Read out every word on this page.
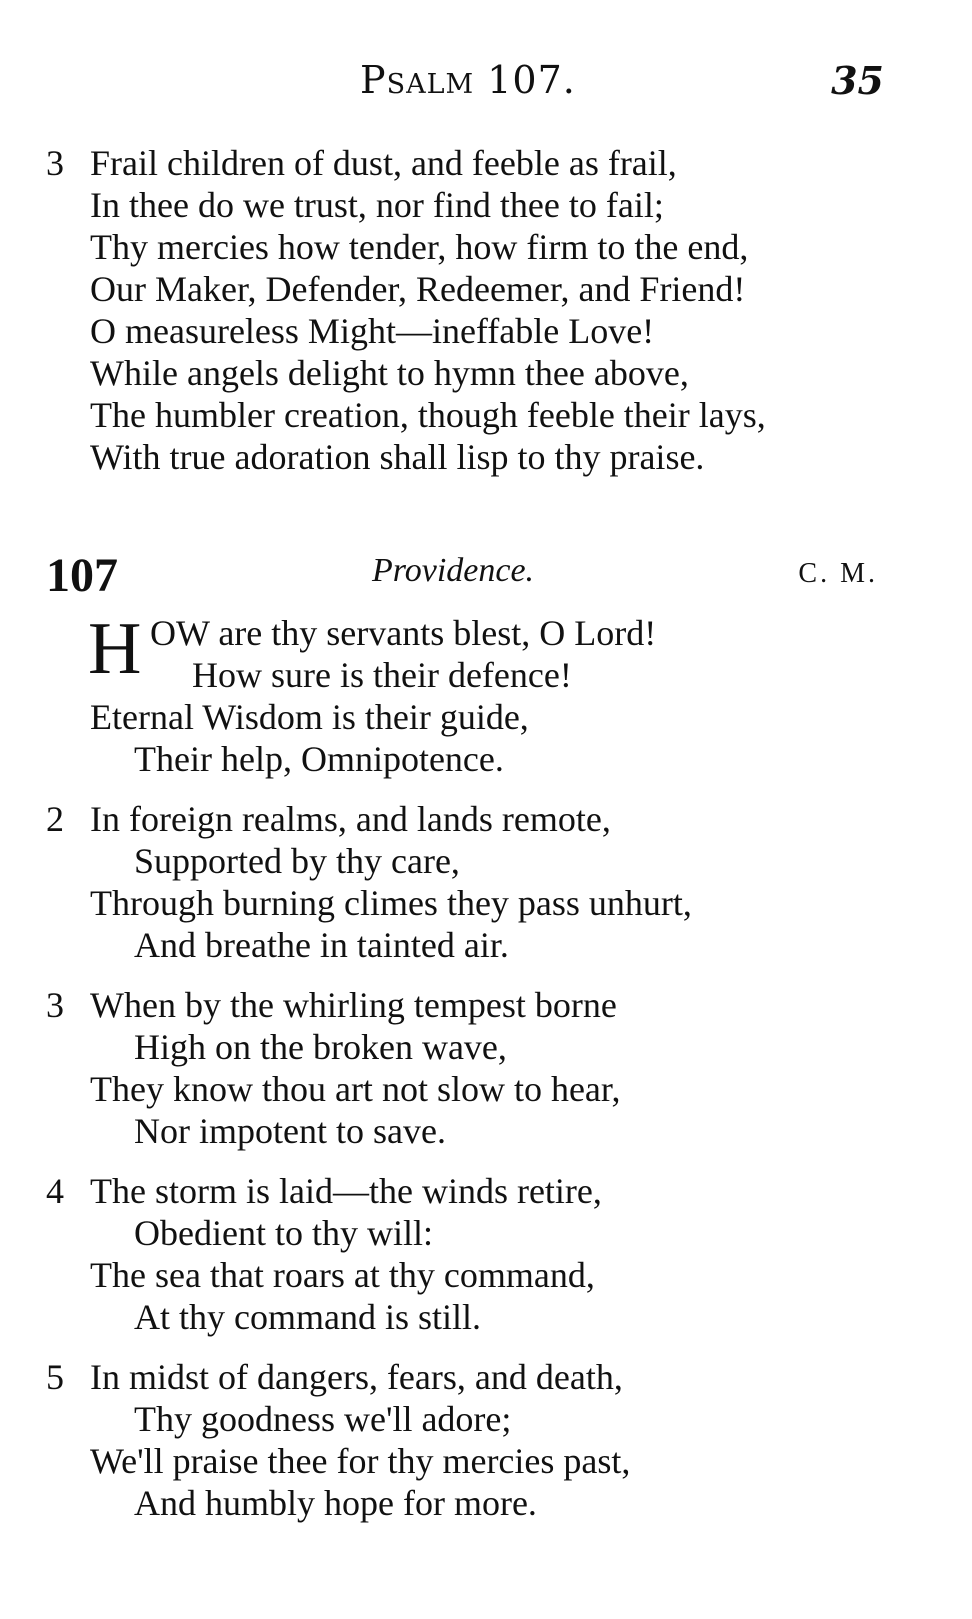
Psalm 107.	35
3 Frail children of dust, and feeble as frail,
In thee do we trust, nor find thee to fail;
Thy mercies how tender, how firm to the end,
Our Maker, Defender, Redeemer, and Friend!
O measureless Might—ineffable Love!
While angels delight to hymn thee above,
The humbler creation, though feeble their lays,
With true adoration shall lisp to thy praise.
107	Providence.	C. M.
H OW are thy servants blest, O Lord!
How sure is their defence!
Eternal Wisdom is their guide,
Their help, Omnipotence.
2 In foreign realms, and lands remote,
Supported by thy care,
Through burning climes they pass unhurt,
And breathe in tainted air.
3 When by the whirling tempest borne
High on the broken wave,
They know thou art not slow to hear,
Nor impotent to save.
4 The storm is laid—the winds retire,
Obedient to thy will:
The sea that roars at thy command,
At thy command is still.
5 In midst of dangers, fears, and death,
Thy goodness we'll adore;
We'll praise thee for thy mercies past,
And humbly hope for more.
